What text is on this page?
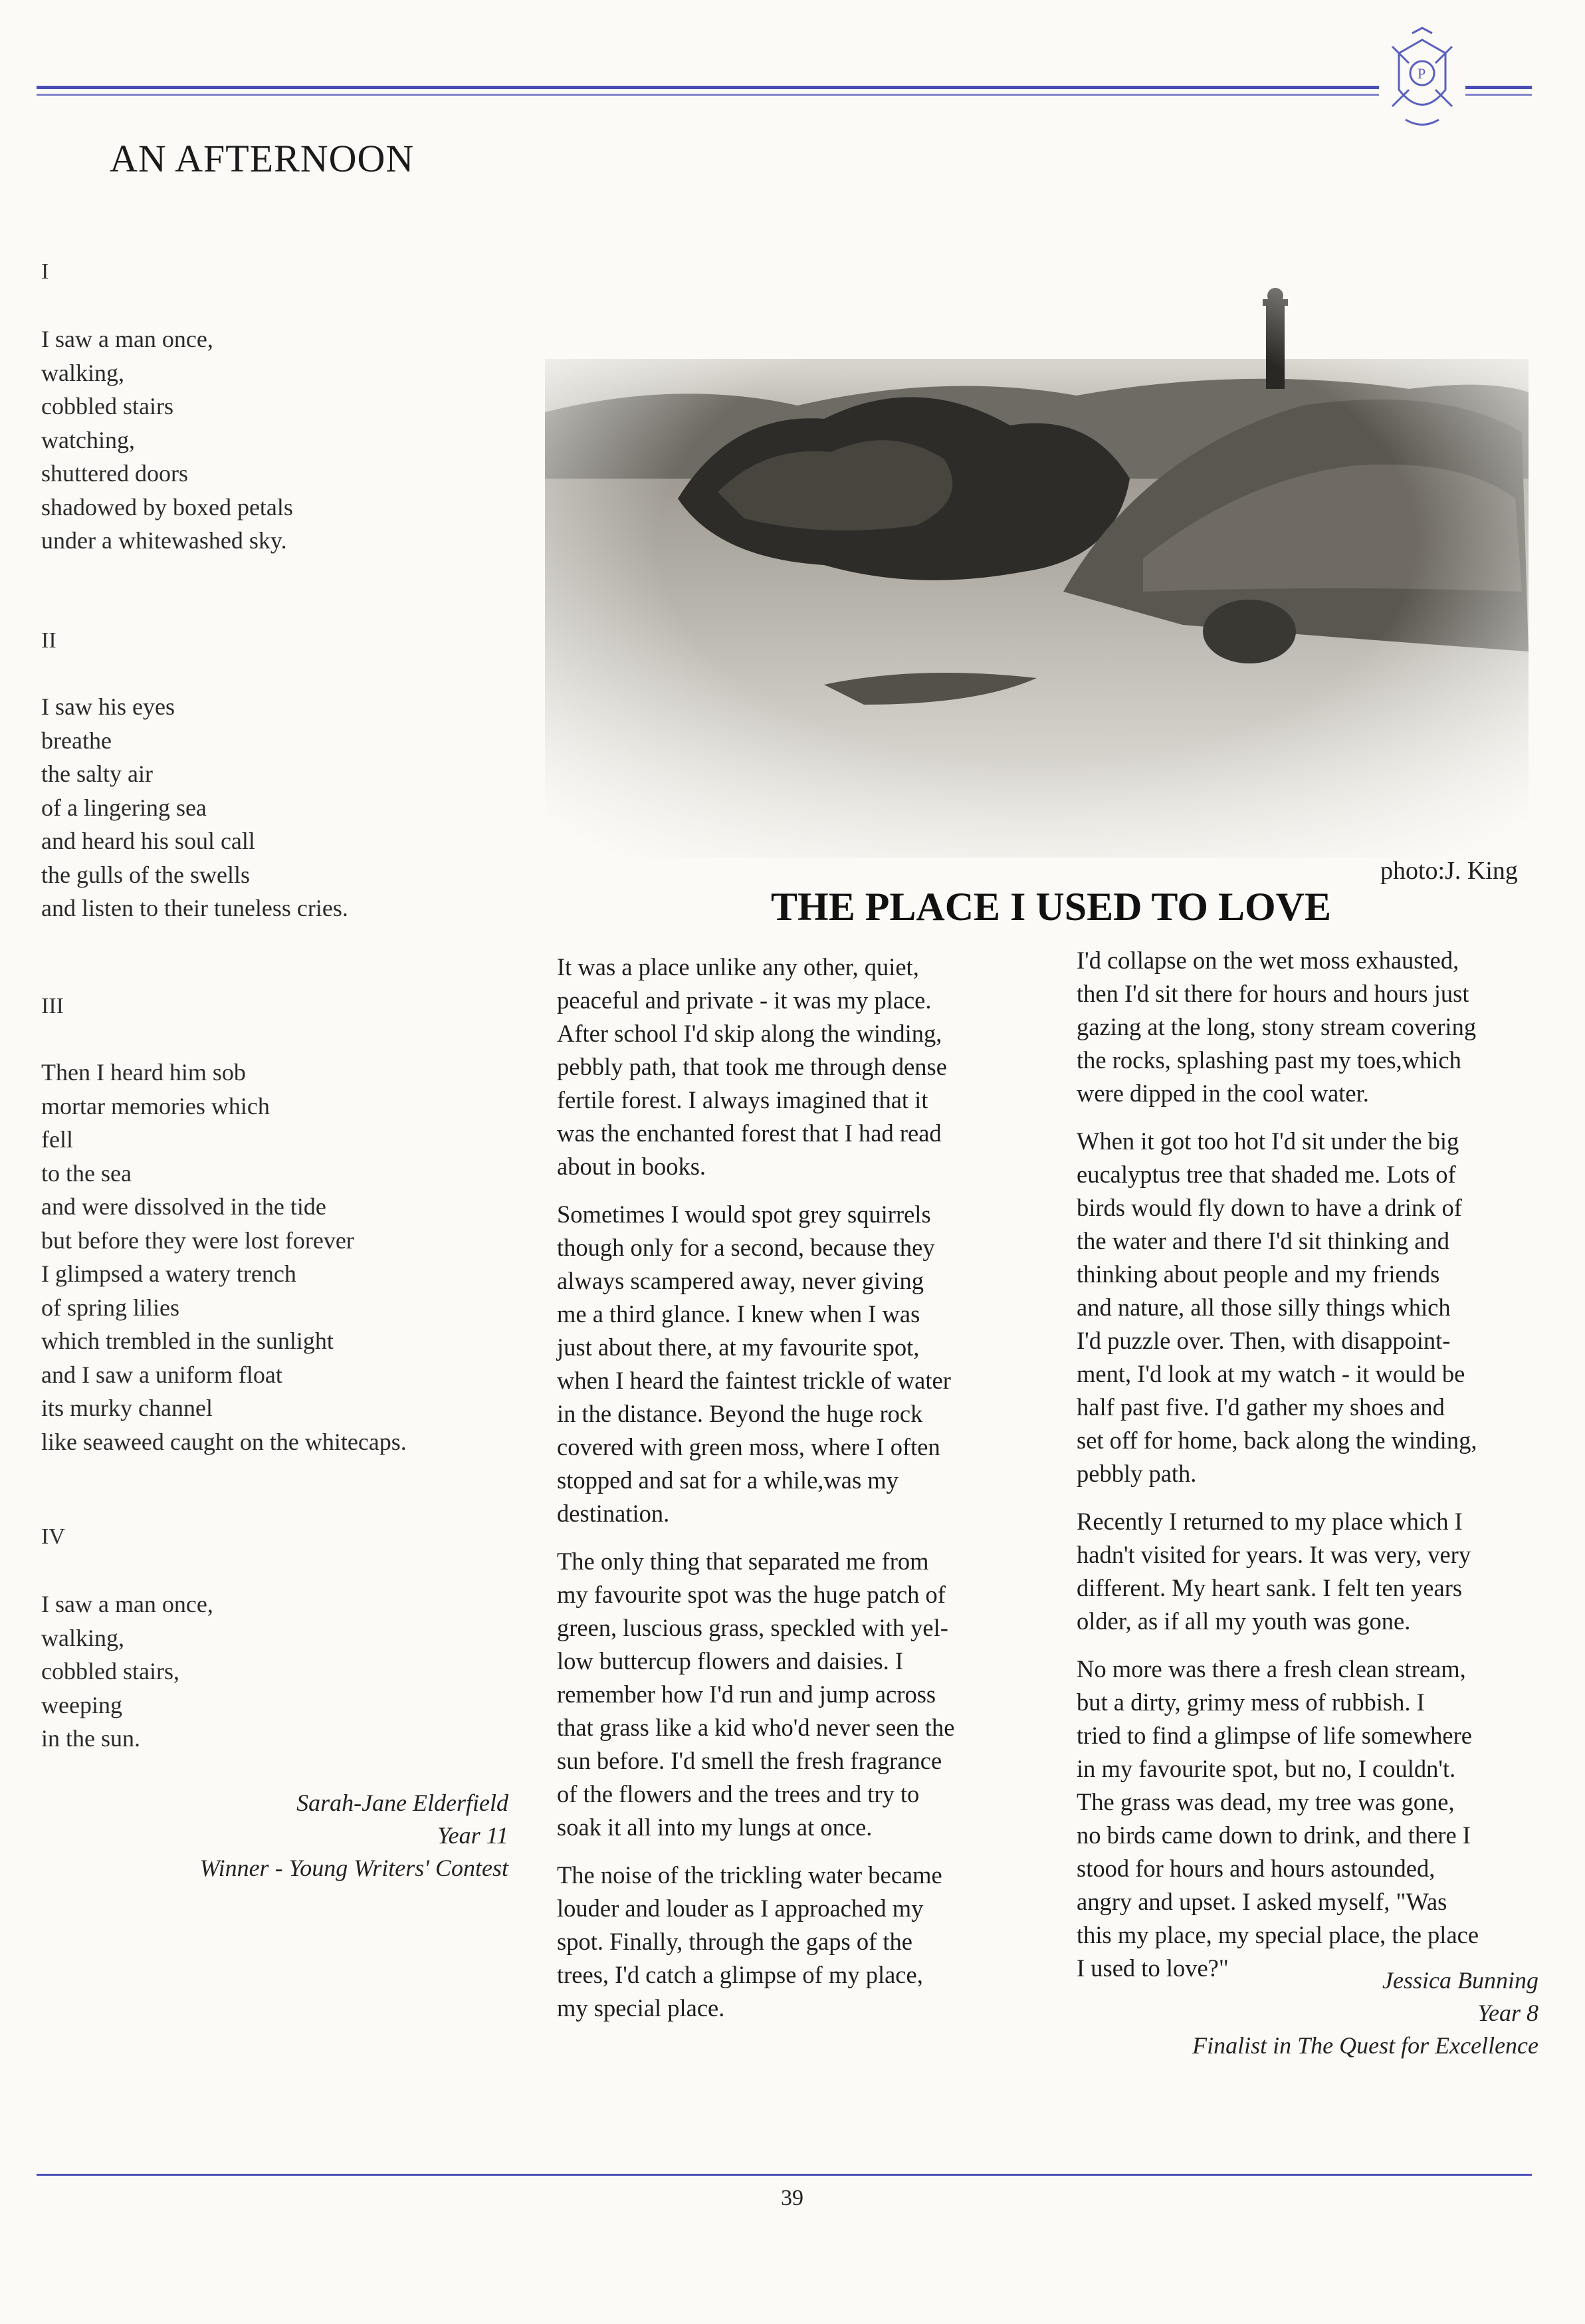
P
AN AFTERNOON
I
I saw a man once,
walking,
cobbled stairs
watching,
shuttered doors
shadowed by boxed petals
under a whitewashed sky.
II
I saw his eyes
breathe
the salty air
of a lingering sea
and heard his soul call
the gulls of the swells
and listen to their tuneless cries.
III
Then I heard him sob
mortar memories which
fell
to the sea
and were dissolved in the tide
but before they were lost forever
I glimpsed a watery trench
of spring lilies
which trembled in the sunlight
and I saw a uniform float
its murky channel
like seaweed caught on the whitecaps.
IV
I saw a man once,
walking,
cobbled stairs,
weeping
in the sun.
Sarah-Jane Elderfield
Year 11
Winner - Young Writers' Contest
photo:J. King
THE PLACE I USED TO LOVE

It was a place unlike any other, quiet,
peaceful and private - it was my place.
After school I'd skip along the winding,
pebbly path, that took me through dense
fertile forest. I always imagined that it
was the enchanted forest that I had read
about in books.

Sometimes I would spot grey squirrels
though only for a second, because they
always scampered away, never giving
me a third glance. I knew when I was
just about there, at my favourite spot,
when I heard the faintest trickle of water
in the distance. Beyond the huge rock
covered with green moss, where I often
stopped and sat for a while,was my
destination.

The only thing that separated me from
my favourite spot was the huge patch of
green, luscious grass, speckled with yel-
low buttercup flowers and daisies. I
remember how I'd run and jump across
that grass like a kid who'd never seen the
sun before. I'd smell the fresh fragrance
of the flowers and the trees and try to
soak it all into my lungs at once.

The noise of the trickling water became
louder and louder as I approached my
spot. Finally, through the gaps of the
trees, I'd catch a glimpse of my place,
my special place.

I'd collapse on the wet moss exhausted,
then I'd sit there for hours and hours just
gazing at the long, stony stream covering
the rocks, splashing past my toes,which
were dipped in the cool water.

When it got too hot I'd sit under the big
eucalyptus tree that shaded me. Lots of
birds would fly down to have a drink of
the water and there I'd sit thinking and
thinking about people and my friends
and nature, all those silly things which
I'd puzzle over. Then, with disappoint-
ment, I'd look at my watch - it would be
half past five. I'd gather my shoes and
set off for home, back along the winding,
pebbly path.

Recently I returned to my place which I
hadn't visited for years. It was very, very
different. My heart sank. I felt ten years
older, as if all my youth was gone.

No more was there a fresh clean stream,
but a dirty, grimy mess of rubbish. I
tried to find a glimpse of life somewhere
in my favourite spot, but no, I couldn't.
The grass was dead, my tree was gone,
no birds came down to drink, and there I
stood for hours and hours astounded,
angry and upset. I asked myself, "Was
this my place, my special place, the place
I used to love?"	Jessica Bunning
Year 8
Finalist in The Quest for Excellence
39
